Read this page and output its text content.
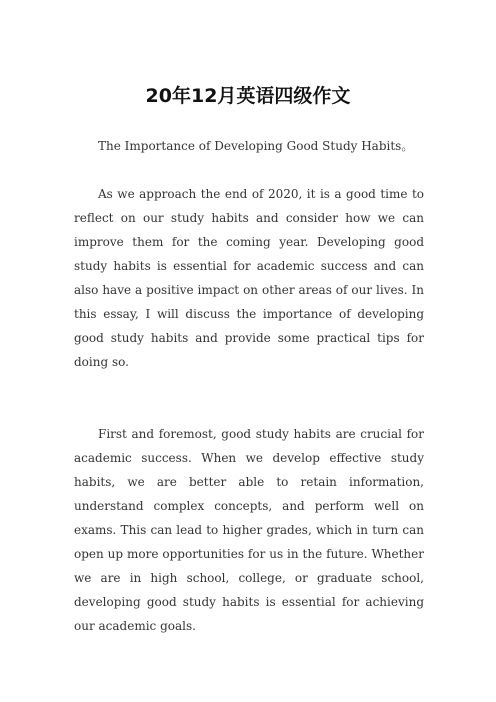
20年12月英语四级作文

The Importance of Developing Good Study Habits。

As we approach the end of 2020, it is a good time to reflect on our study habits and consider how we can improve them for the coming year. Developing good study habits is essential for academic success and can also have a positive impact on other areas of our lives. In this essay, I will discuss the importance of developing good study habits and provide some practical tips for doing so.

First and foremost, good study habits are crucial for academic success. When we develop effective study habits, we are better able to retain information, understand complex concepts, and perform well on exams. This can lead to higher grades, which in turn can open up more opportunities for us in the future. Whether we are in high school, college, or graduate school, developing good study habits is essential for achieving our academic goals.
